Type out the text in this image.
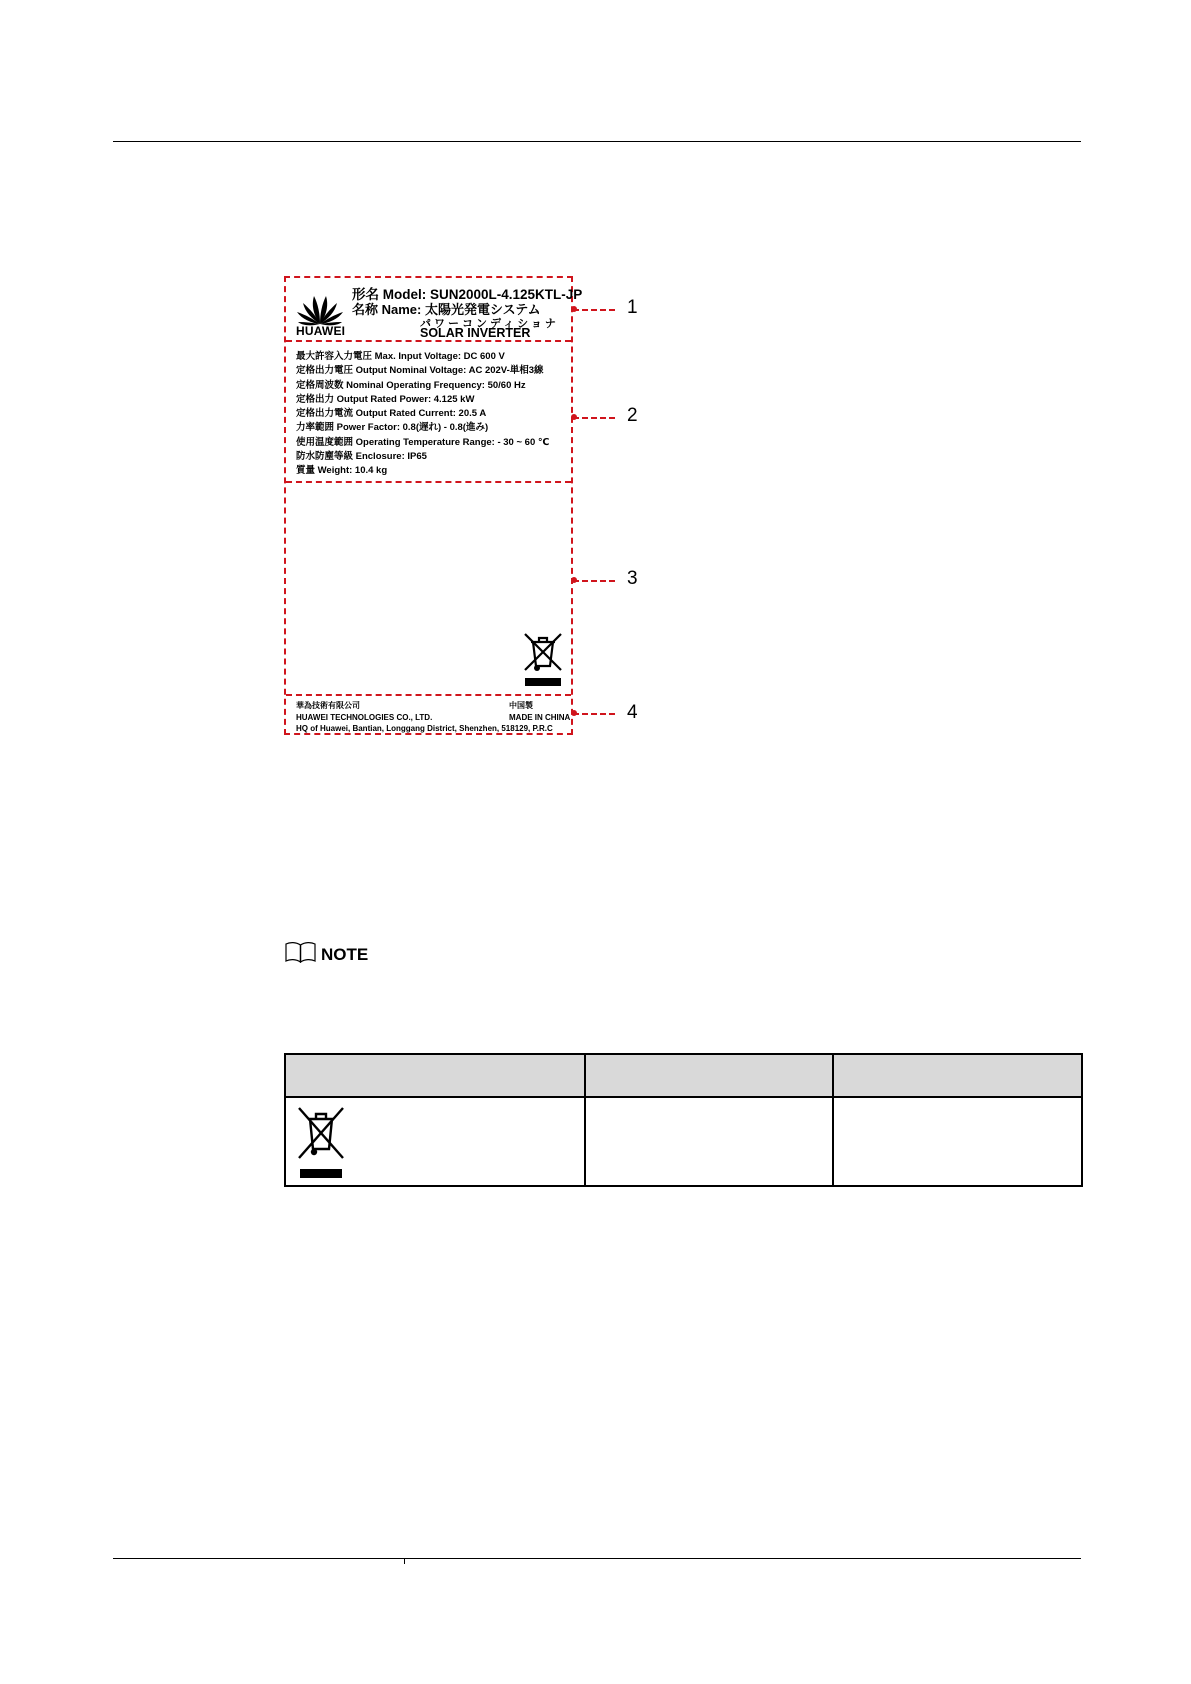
HUAWEI
形名 Model: SUN2000L-4.125KTL-JP
名称 Name: 太陽光発電システム
パワーコンディショナ
SOLAR INVERTER
最大許容入力電圧 Max. Input Voltage: DC 600 V
定格出力電圧 Output Nominal Voltage: AC 202V-単相3線
定格周波数 Nominal Operating Frequency: 50/60 Hz
定格出力 Output Rated Power: 4.125 kW
定格出力電流 Output Rated Current: 20.5 A
力率範囲 Power Factor: 0.8(遅れ) - 0.8(進み)
使用温度範囲 Operating Temperature Range: - 30 ~ 60 ℃
防水防塵等級 Enclosure: IP65
質量 Weight: 10.4 kg
華為技術有限公司	中国製
HUAWEI TECHNOLOGIES CO., LTD.	MADE IN CHINA
HQ of Huawei, Bantian, Longgang District, Shenzhen, 518129, P.R.C
1
2
3
4
NOTE
